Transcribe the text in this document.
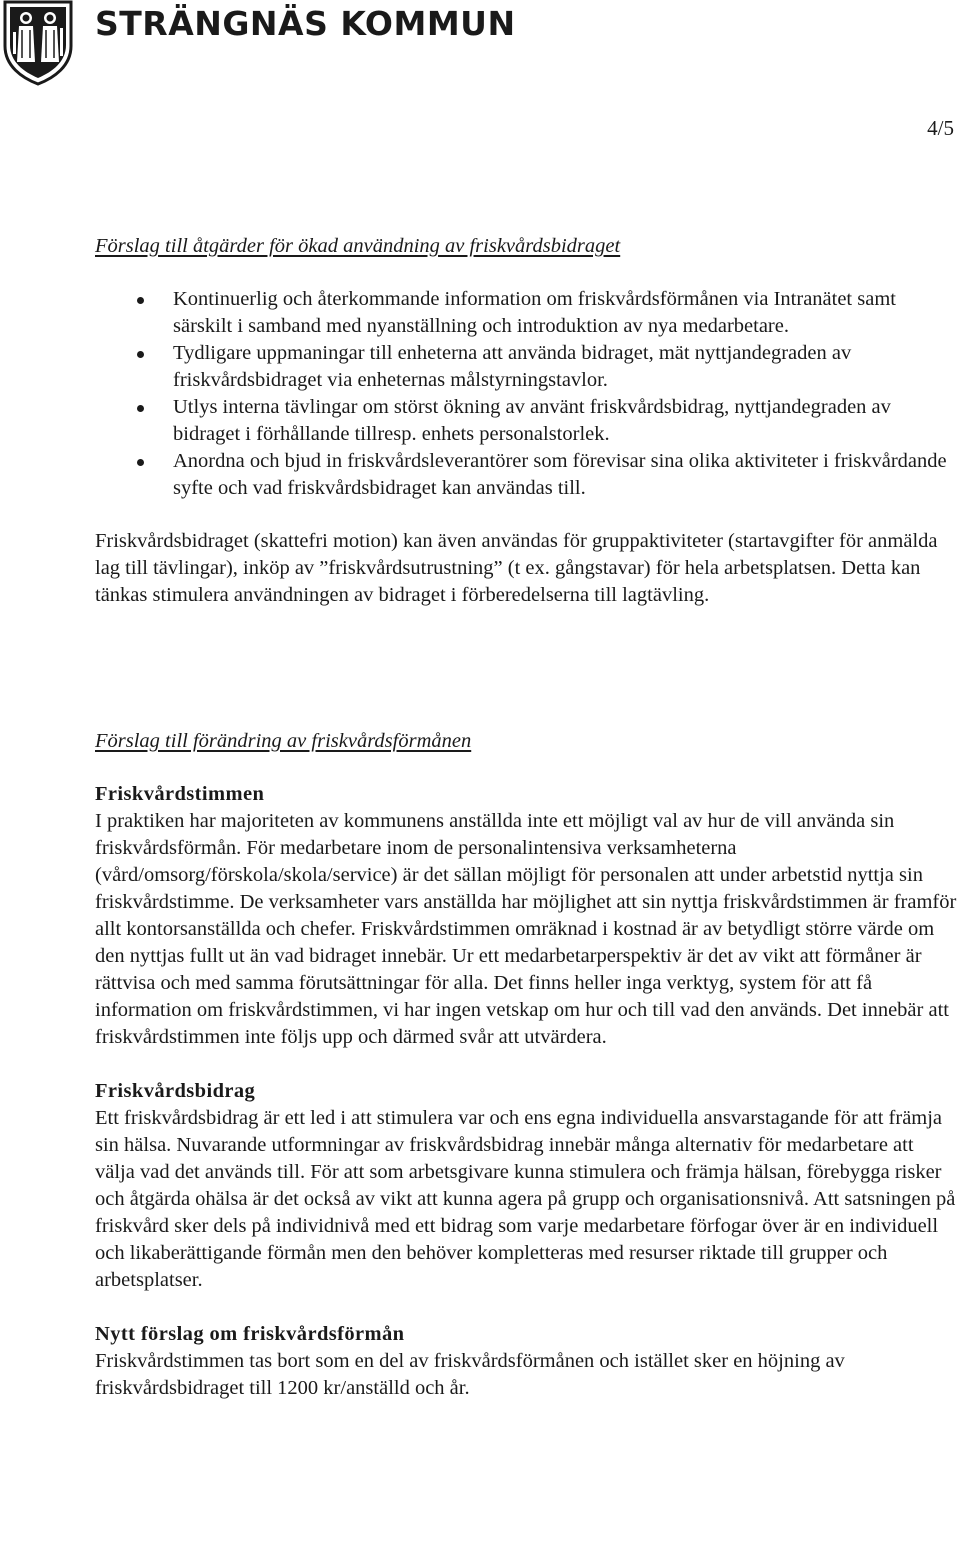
STRÄNGNÄS KOMMUN
4/5

Förslag till åtgärder för ökad användning av friskvårdsbidraget

Kontinuerlig och återkommande information om friskvårdsförmånen via Intranätet samt särskilt i samband med nyanställning och introduktion av nya medarbetare.
Tydligare uppmaningar till enheterna att använda bidraget, mät nyttjandegraden av friskvårdsbidraget via enheternas målstyrningstavlor.
Utlys interna tävlingar om störst ökning av använt friskvårdsbidrag, nyttjandegraden av bidraget i förhållande tillresp. enhets personalstorlek.
Anordna och bjud in friskvårdsleverantörer som förevisar sina olika aktiviteter i friskvårdande syfte och vad friskvårdsbidraget kan användas till.

Friskvårdsbidraget (skattefri motion) kan även användas för gruppaktiviteter (startavgifter för anmälda lag till tävlingar), inköp av ”friskvårdsutrustning” (t ex. gångstavar) för hela arbetsplatsen. Detta kan tänkas stimulera användningen av bidraget i förberedelserna till lagtävling.

Förslag till förändring av friskvårdsförmånen

Friskvårdstimmen

I praktiken har majoriteten av kommunens anställda inte ett möjligt val av hur de vill använda sin friskvårdsförmån. För medarbetare inom de personalintensiva verksamheterna (vård/omsorg/förskola/skola/service) är det sällan möjligt för personalen att under arbetstid nyttja sin friskvårdstimme. De verksamheter vars anställda har möjlighet att sin nyttja friskvårdstimmen är framför allt kontorsanställda och chefer. Friskvårdstimmen omräknad i kostnad är av betydligt större värde om den nyttjas fullt ut än vad bidraget innebär. Ur ett medarbetarperspektiv är det av vikt att förmåner är rättvisa och med samma förutsättningar för alla. Det finns heller inga verktyg, system för att få information om friskvårdstimmen, vi har ingen vetskap om hur och till vad den används. Det innebär att friskvårdstimmen inte följs upp och därmed svår att utvärdera.

Friskvårdsbidrag

Ett friskvårdsbidrag är ett led i att stimulera var och ens egna individuella ansvarstagande för att främja sin hälsa. Nuvarande utformningar av friskvårdsbidrag innebär många alternativ för medarbetare att välja vad det används till. För att som arbetsgivare kunna stimulera och främja hälsan, förebygga risker och åtgärda ohälsa är det också av vikt att kunna agera på grupp och organisationsnivå. Att satsningen på friskvård sker dels på individnivå med ett bidrag som varje medarbetare förfogar över är en individuell och likaberättigande förmån men den behöver kompletteras med resurser riktade till grupper och arbetsplatser.

Nytt förslag om friskvårdsförmån

Friskvårdstimmen tas bort som en del av friskvårdsförmånen och istället sker en höjning av friskvårdsbidraget till 1200 kr/anställd och år.
